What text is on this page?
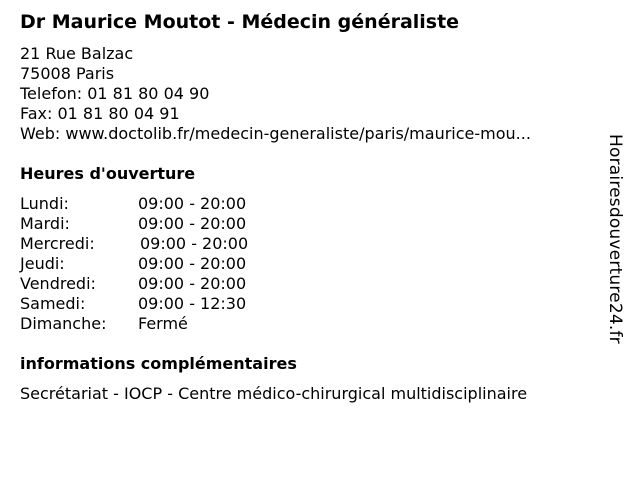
Dr Maurice Moutot - Médecin généraliste
21 Rue Balzac
75008 Paris
Telefon: 01 81 80 04 90
Fax: 01 81 80 04 91
Web: www.doctolib.fr/medecin-generaliste/paris/maurice-mou...
Heures d'ouverture
Lundi:	09:00 - 20:00
Mardi:	09:00 - 20:00
Mercredi:	09:00 - 20:00
Jeudi:	09:00 - 20:00
Vendredi:	09:00 - 20:00
Samedi:	09:00 - 12:30
Dimanche: Fermé
informations complémentaires
Secrétariat - IOCP - Centre médico-chirurgical multidisciplinaire
Horairesdouverture24.fr
